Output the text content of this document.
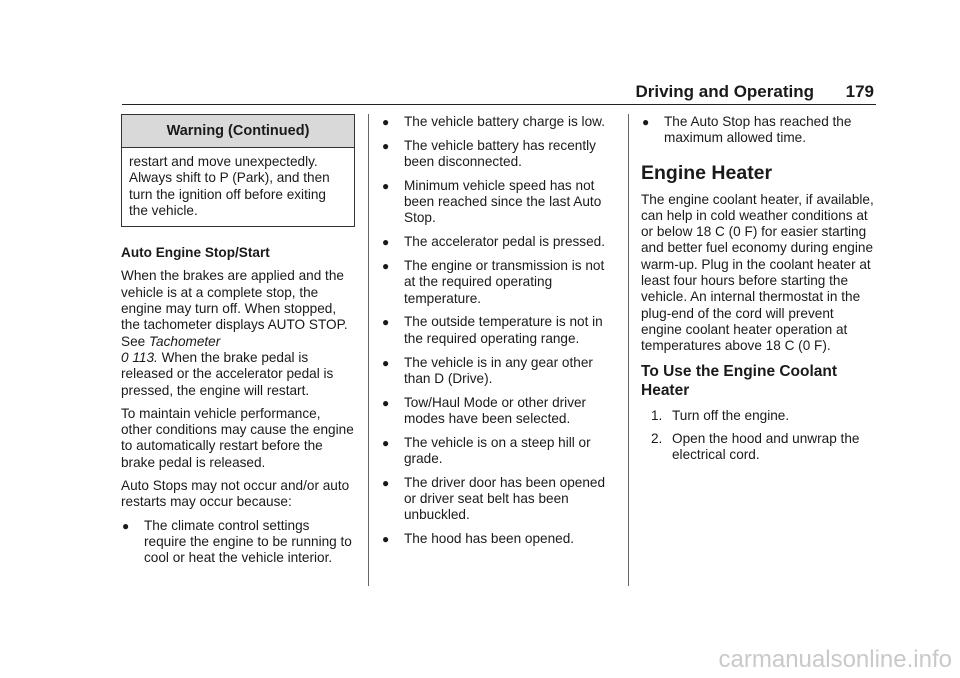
Driving and Operating 179
Warning (Continued)
restart and move unexpectedly. Always shift to P (Park), and then turn the ignition off before exiting the vehicle.
Auto Engine Stop/Start
When the brakes are applied and the vehicle is at a complete stop, the engine may turn off. When stopped, the tachometer displays AUTO STOP. See Tachometer
0 113. When the brake pedal is released or the accelerator pedal is pressed, the engine will restart.
To maintain vehicle performance, other conditions may cause the engine to automatically restart before the brake pedal is released.
Auto Stops may not occur and/or auto restarts may occur because:
● The climate control settings require the engine to be running to cool or heat the vehicle interior.
● The vehicle battery charge is low.
● The vehicle battery has recently been disconnected.
● Minimum vehicle speed has not been reached since the last Auto Stop.
● The accelerator pedal is pressed.
● The engine or transmission is not at the required operating temperature.
● The outside temperature is not in the required operating range.
● The vehicle is in any gear other than D (Drive).
● Tow/Haul Mode or other driver modes have been selected.
● The vehicle is on a steep hill or grade.
● The driver door has been opened or driver seat belt has been unbuckled.
● The hood has been opened.
● The Auto Stop has reached the maximum allowed time.
Engine Heater
The engine coolant heater, if available, can help in cold weather conditions at or below 18 C (0 F) for easier starting and better fuel economy during engine warm-up. Plug in the coolant heater at least four hours before starting the vehicle. An internal thermostat in the plug-end of the cord will prevent engine coolant heater operation at temperatures above 18 C (0 F).
To Use the Engine Coolant Heater
1. Turn off the engine.
2. Open the hood and unwrap the electrical cord.
carmanualsonline.info
